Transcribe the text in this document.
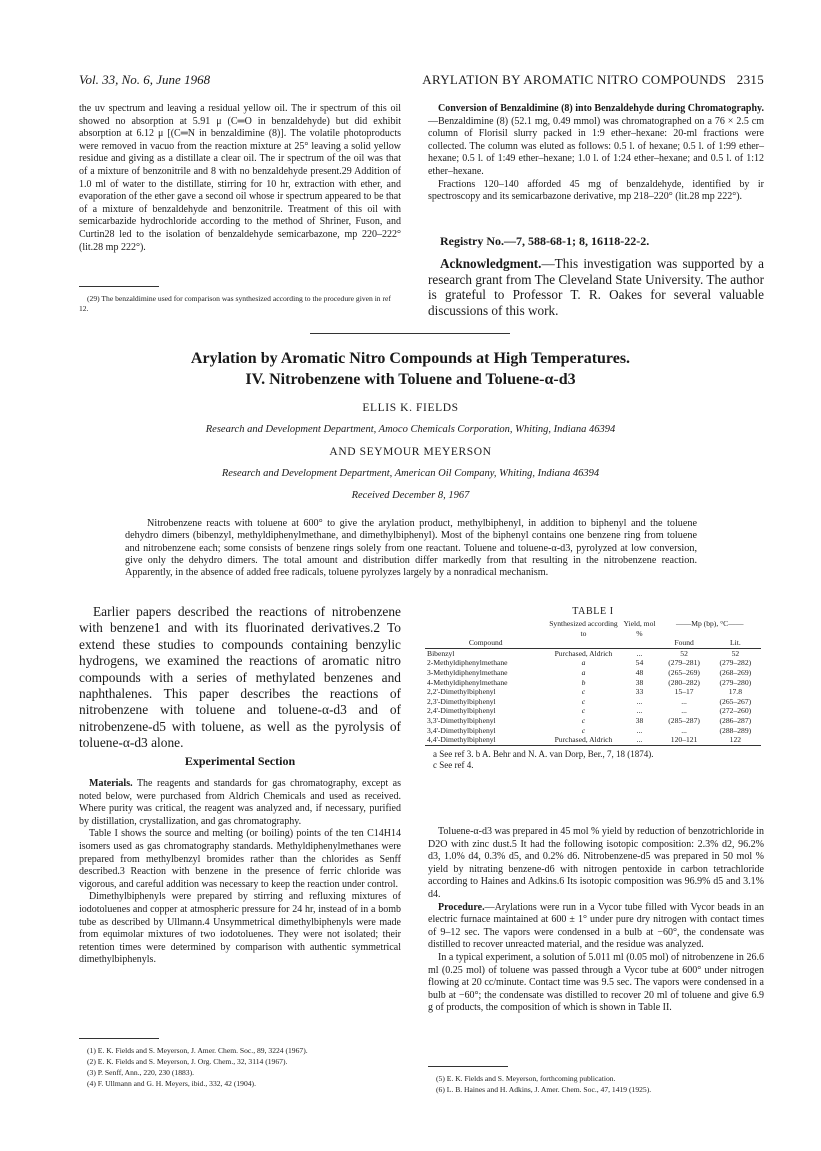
Vol. 33, No. 6, June 1968	ARYLATION BY AROMATIC NITRO COMPOUNDS 2315

the uv spectrum and leaving a residual yellow oil. The ir spectrum of this oil showed no absorption at 5.91 μ (C═O in benzaldehyde) but did exhibit absorption at 6.12 μ [(C═N in benzaldimine (8)]. The volatile photoproducts were removed in vacuo from the reaction mixture at 25° leaving a solid yellow residue and giving as a distillate a clear oil. The ir spectrum of the oil was that of a mixture of benzonitrile and 8 with no benzaldehyde present.29 Addition of 1.0 ml of water to the distillate, stirring for 10 hr, extraction with ether, and evaporation of the ether gave a second oil whose ir spectrum appeared to be that of a mixture of benzaldehyde and benzonitrile. Treatment of this oil with semicarbazide hydrochloride according to the method of Shriner, Fuson, and Curtin28 led to the isolation of benzaldehyde semicarbazone, mp 220–222° (lit.28 mp 222°).

(29) The benzaldimine used for comparison was synthesized according to the procedure given in ref 12.

Conversion of Benzaldimine (8) into Benzaldehyde during Chromatography.—Benzaldimine (8) (52.1 mg, 0.49 mmol) was chromatographed on a 76 × 2.5 cm column of Florisil slurry packed in 1:9 ether–hexane: 20-ml fractions were collected. The column was eluted as follows: 0.5 l. of hexane; 0.5 l. of 1:99 ether–hexane; 0.5 l. of 1:49 ether–hexane; 1.0 l. of 1:24 ether–hexane; and 0.5 l. of 1:12 ether–hexane.

Fractions 120–140 afforded 45 mg of benzaldehyde, identified by ir spectroscopy and its semicarbazone derivative, mp 218–220° (lit.28 mp 222°).

Registry No.—7, 588-68-1; 8, 16118-22-2.
Acknowledgment.—This investigation was supported by a research grant from The Cleveland State University. The author is grateful to Professor T. R. Oakes for several valuable discussions of this work.
Arylation by Aromatic Nitro Compounds at High Temperatures.
IV. Nitrobenzene with Toluene and Toluene-α-d3
ELLIS K. FIELDS
Research and Development Department, Amoco Chemicals Corporation, Whiting, Indiana 46394
AND SEYMOUR MEYERSON
Research and Development Department, American Oil Company, Whiting, Indiana 46394
Received December 8, 1967
Nitrobenzene reacts with toluene at 600° to give the arylation product, methylbiphenyl, in addition to biphenyl and the toluene dehydro dimers (bibenzyl, methyldiphenylmethane, and dimethylbiphenyl). Most of the biphenyl contains one benzene ring from toluene and nitrobenzene each; some consists of benzene rings solely from one reactant. Toluene and toluene-α-d3, pyrolyzed at low conversion, give only the dehydro dimers. The total amount and distribution differ markedly from that resulting in the nitrobenzene reaction. Apparently, in the absence of added free radicals, toluene pyrolyzes largely by a nonradical mechanism.

Earlier papers described the reactions of nitrobenzene with benzene1 and with its fluorinated derivatives.2 To extend these studies to compounds containing benzylic hydrogens, we examined the reactions of aromatic nitro compounds with a series of methylated benzenes and naphthalenes. This paper describes the reactions of nitrobenzene with toluene and toluene-α-d3 and of nitrobenzene-d5 with toluene, as well as the pyrolysis of toluene-α-d3 alone.

Experimental Section

Materials. The reagents and standards for gas chromatography, except as noted below, were purchased from Aldrich Chemicals and used as received. Where purity was critical, the reagent was analyzed and, if necessary, purified by distillation, crystallization, and gas chromatography.

Table I shows the source and melting (or boiling) points of the ten C14H14 isomers used as gas chromatography standards. Methyldiphenylmethanes were prepared from methylbenzyl bromides rather than the chlorides as Senff described.3 Reaction with benzene in the presence of ferric chloride was vigorous, and careful addition was necessary to keep the reaction under control.

Dimethylbiphenyls were prepared by stirring and refluxing mixtures of iodotoluenes and copper at atmospheric pressure for 24 hr, instead of in a bomb tube as described by Ullmann.4 Unsymmetrical dimethylbiphenyls were made from equimolar mixtures of two iodotoluenes. They were not isolated; their retention times were determined by comparison with authentic symmetrical dimethylbiphenyls.

(1) E. K. Fields and S. Meyerson, J. Amer. Chem. Soc., 89, 3224 (1967).

(2) E. K. Fields and S. Meyerson, J. Org. Chem., 32, 3114 (1967).

(3) P. Senff, Ann., 220, 230 (1883).

(4) F. Ullmann and G. H. Meyers, ibid., 332, 42 (1904).

TABLE I
	Synthesized according to	Yield, mol %	——Mp (bp), °C——	
Compound			Found	Lit.
Bibenzyl	Purchased, Aldrich	...	52	52
2-Methyldiphenylmethane	a	54	(279–281)	(279–282)
3-Methyldiphenylmethane	a	48	(265–269)	(268–269)
4-Methyldiphenylmethane	b	38	(280–282)	(279–280)
2,2'-Dimethylbiphenyl	c	33	15–17	17.8
2,3'-Dimethylbiphenyl	c	...	...	(265–267)
2,4'-Dimethylbiphenyl	c	...	...	(272–260)
3,3'-Dimethylbiphenyl	c	38	(285–287)	(286–287)
3,4'-Dimethylbiphenyl	c	...	...	(288–289)
4,4'-Dimethylbiphenyl	Purchased, Aldrich	...	120–121	122
a See ref 3. b A. Behr and N. A. van Dorp, Ber., 7, 18 (1874).
c See ref 4.

Toluene-α-d3 was prepared in 45 mol % yield by reduction of benzotrichloride in D2O with zinc dust.5 It had the following isotopic composition: 2.3% d2, 96.2% d3, 1.0% d4, 0.3% d5, and 0.2% d6. Nitrobenzene-d5 was prepared in 50 mol % yield by nitrating benzene-d6 with nitrogen pentoxide in carbon tetrachloride according to Haines and Adkins.6 Its isotopic composition was 96.9% d5 and 3.1% d4.

Procedure.—Arylations were run in a Vycor tube filled with Vycor beads in an electric furnace maintained at 600 ± 1° under pure dry nitrogen with contact times of 9–12 sec. The vapors were condensed in a bulb at −60°, the condensate was distilled to recover unreacted material, and the residue was analyzed.

In a typical experiment, a solution of 5.011 ml (0.05 mol) of nitrobenzene in 26.6 ml (0.25 mol) of toluene was passed through a Vycor tube at 600° under nitrogen flowing at 20 cc/minute. Contact time was 9.5 sec. The vapors were condensed in a bulb at −60°; the condensate was distilled to recover 20 ml of toluene and give 6.9 g of products, the composition of which is shown in Table II.

(5) E. K. Fields and S. Meyerson, forthcoming publication.

(6) L. B. Haines and H. Adkins, J. Amer. Chem. Soc., 47, 1419 (1925).
